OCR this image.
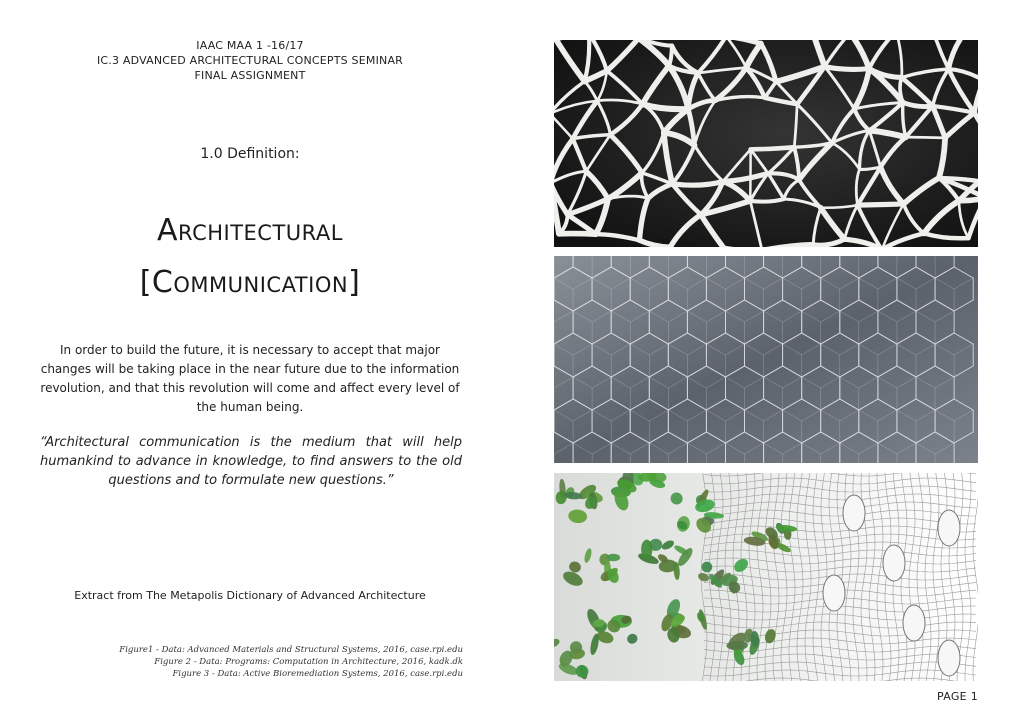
IAAC MAA 1 -16/17
IC.3 ADVANCED ARCHITECTURAL CONCEPTS SEMINAR
FINAL ASSIGNMENT
1.0 Definition:
Architectural
[Communication]
In order to build the future, it is necessary to accept that major changes will be taking place in the near future due to the information revolution, and that this revolution will come and affect every level of the human being.
“Architectural communication is the medium that will help humankind to advance in knowledge, to find answers to the old questions and to formulate new questions.”
Extract from The Metapolis Dictionary of Advanced Architecture
Figure1 - Data: Advanced Materials and Structural Systems, 2016, case.rpi.edu
Figure 2 - Data: Programs: Computation in Architecture, 2016, kadk.dk
Figure 3 - Data: Active Bioremediation Systems, 2016, case.rpi.edu
PAGE 1
